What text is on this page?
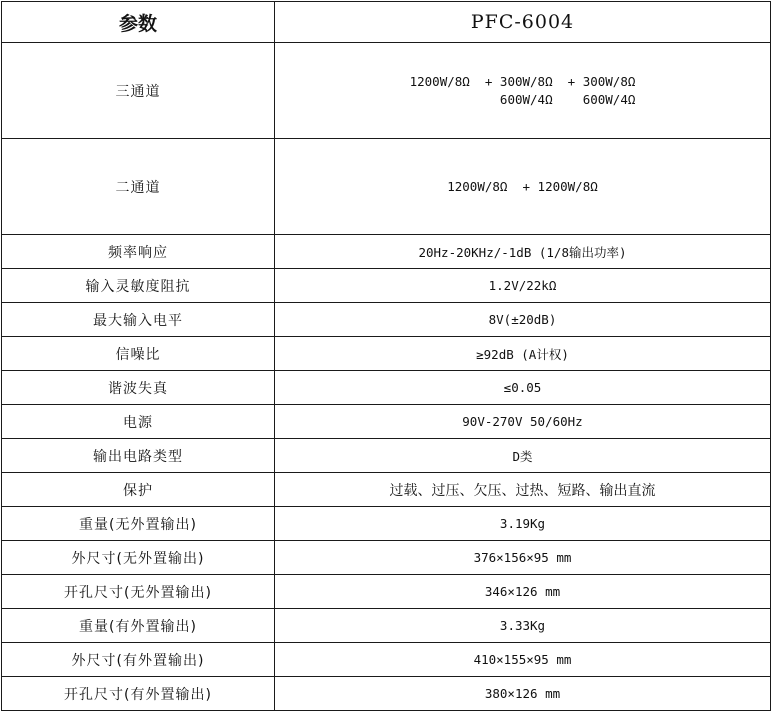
参数	PFC-6004
三通道	1200W/8Ω  + 300W/8Ω  + 300W/8Ω
600W/4Ω    600W/4Ω

二通道	1200W/8Ω  + 1200W/8Ω

频率响应	20Hz-20KHz/-1dB (1/8输出功率)
输入灵敏度阻抗	1.2V/22kΩ
最大输入电平	8V(±20dB)
信噪比	≥92dB (A计权)
谐波失真	≤0.05
电源	90V-270V 50/60Hz
输出电路类型	D类
保护	过载、过压、欠压、过热、短路、输出直流
重量(无外置输出)	3.19Kg
外尺寸(无外置输出)	376×156×95 mm
开孔尺寸(无外置输出)	346×126 mm
重量(有外置输出)	3.33Kg
外尺寸(有外置输出)	410×155×95 mm
开孔尺寸(有外置输出)	380×126 mm
